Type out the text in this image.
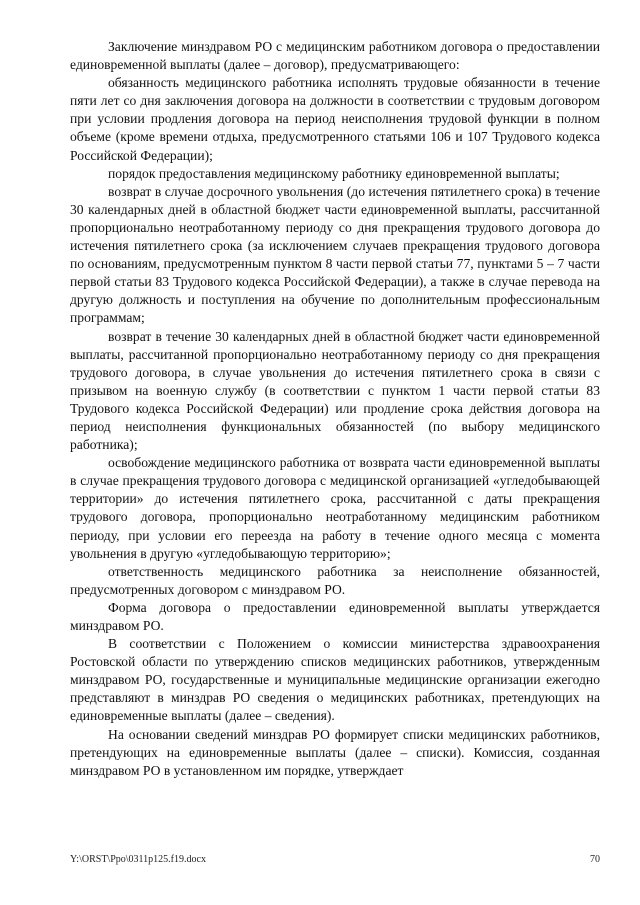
Заключение минздравом РО с медицинским работником договора о предоставлении единовременной выплаты (далее – договор), предусматривающего:

обязанность медицинского работника исполнять трудовые обязанности в течение пяти лет со дня заключения договора на должности в соответствии с трудовым договором при условии продления договора на период неисполнения трудовой функции в полном объеме (кроме времени отдыха, предусмотренного статьями 106 и 107 Трудового кодекса Российской Федерации);

порядок предоставления медицинскому работнику единовременной выплаты;

возврат в случае досрочного увольнения (до истечения пятилетнего срока) в течение 30 календарных дней в областной бюджет части единовременной выплаты, рассчитанной пропорционально неотработанному периоду со дня прекращения трудового договора до истечения пятилетнего срока (за исключением случаев прекращения трудового договора по основаниям, предусмотренным пунктом 8 части первой статьи 77, пунктами 5 – 7 части первой статьи 83 Трудового кодекса Российской Федерации), а также в случае перевода на другую должность и поступления на обучение по дополнительным профессиональным программам;

возврат в течение 30 календарных дней в областной бюджет части единовременной выплаты, рассчитанной пропорционально неотработанному периоду со дня прекращения трудового договора, в случае увольнения до истечения пятилетнего срока в связи с призывом на военную службу (в соответствии с пунктом 1 части первой статьи 83 Трудового кодекса Российской Федерации) или продление срока действия договора на период неисполнения функциональных обязанностей (по выбору медицинского работника);

освобождение медицинского работника от возврата части единовременной выплаты в случае прекращения трудового договора с медицинской организацией «угледобывающей территории» до истечения пятилетнего срока, рассчитанной с даты прекращения трудового договора, пропорционально неотработанному медицинским работником периоду, при условии его переезда на работу в течение одного месяца с момента увольнения в другую «угледобывающую территорию»;

ответственность медицинского работника за неисполнение обязанностей, предусмотренных договором с минздравом РО.

Форма договора о предоставлении единовременной выплаты утверждается минздравом РО.

В соответствии с Положением о комиссии министерства здравоохранения Ростовской области по утверждению списков медицинских работников, утвержденным минздравом РО, государственные и муниципальные медицинские организации ежегодно представляют в минздрав РО сведения о медицинских работниках, претендующих на единовременные выплаты (далее – сведения).

На основании сведений минздрав РО формирует списки медицинских работников, претендующих на единовременные выплаты (далее – списки). Комиссия, созданная минздравом РО в установленном им порядке, утверждает

Y:\ORST\Ppo\0311p125.f19.docx	70
